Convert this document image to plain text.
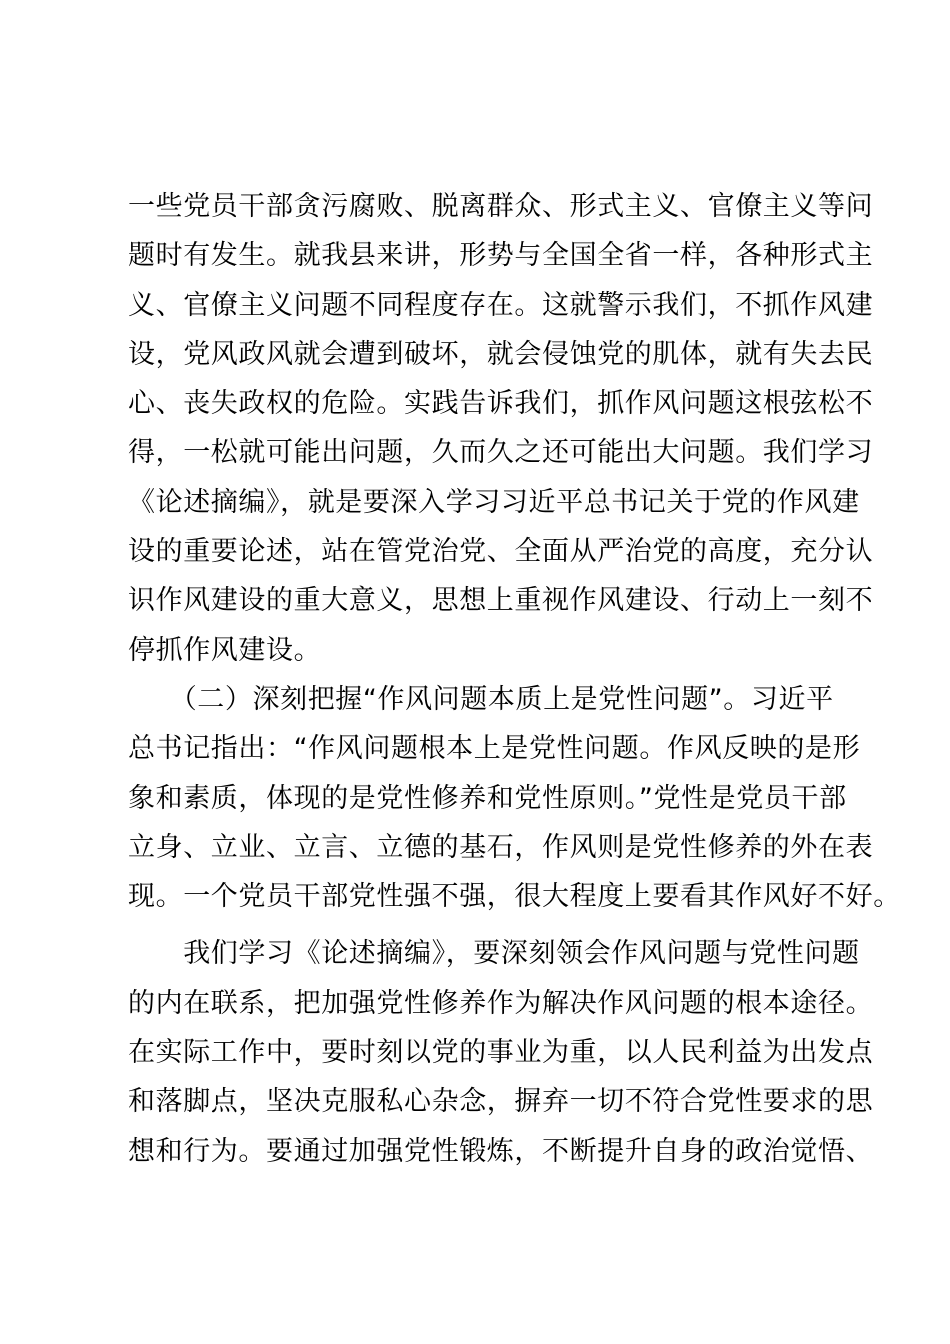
一些党员干部贪污腐败、脱离群众、形式主义、官僚主义等问
题时有发生。就我县来讲，形势与全国全省一样，各种形式主
义、官僚主义问题不同程度存在。这就警示我们，不抓作风建
设，党风政风就会遭到破坏，就会侵蚀党的肌体，就有失去民
心、丧失政权的危险。实践告诉我们，抓作风问题这根弦松不
得，一松就可能出问题，久而久之还可能出大问题。我们学习
《论述摘编》，就是要深入学习习近平总书记关于党的作风建
设的重要论述，站在管党治党、全面从严治党的高度，充分认
识作风建设的重大意义，思想上重视作风建设、行动上一刻不
停抓作风建设。
　　（二）深刻把握“作风问题本质上是党性问题”。习近平
总书记指出：“作风问题根本上是党性问题。作风反映的是形
象和素质，体现的是党性修养和党性原则。”党性是党员干部
立身、立业、立言、立德的基石，作风则是党性修养的外在表
现。一个党员干部党性强不强，很大程度上要看其作风好不好。
　　我们学习《论述摘编》，要深刻领会作风问题与党性问题
的内在联系，把加强党性修养作为解决作风问题的根本途径。
在实际工作中，要时刻以党的事业为重，以人民利益为出发点
和落脚点，坚决克服私心杂念，摒弃一切不符合党性要求的思
想和行为。要通过加强党性锻炼，不断提升自身的政治觉悟、
